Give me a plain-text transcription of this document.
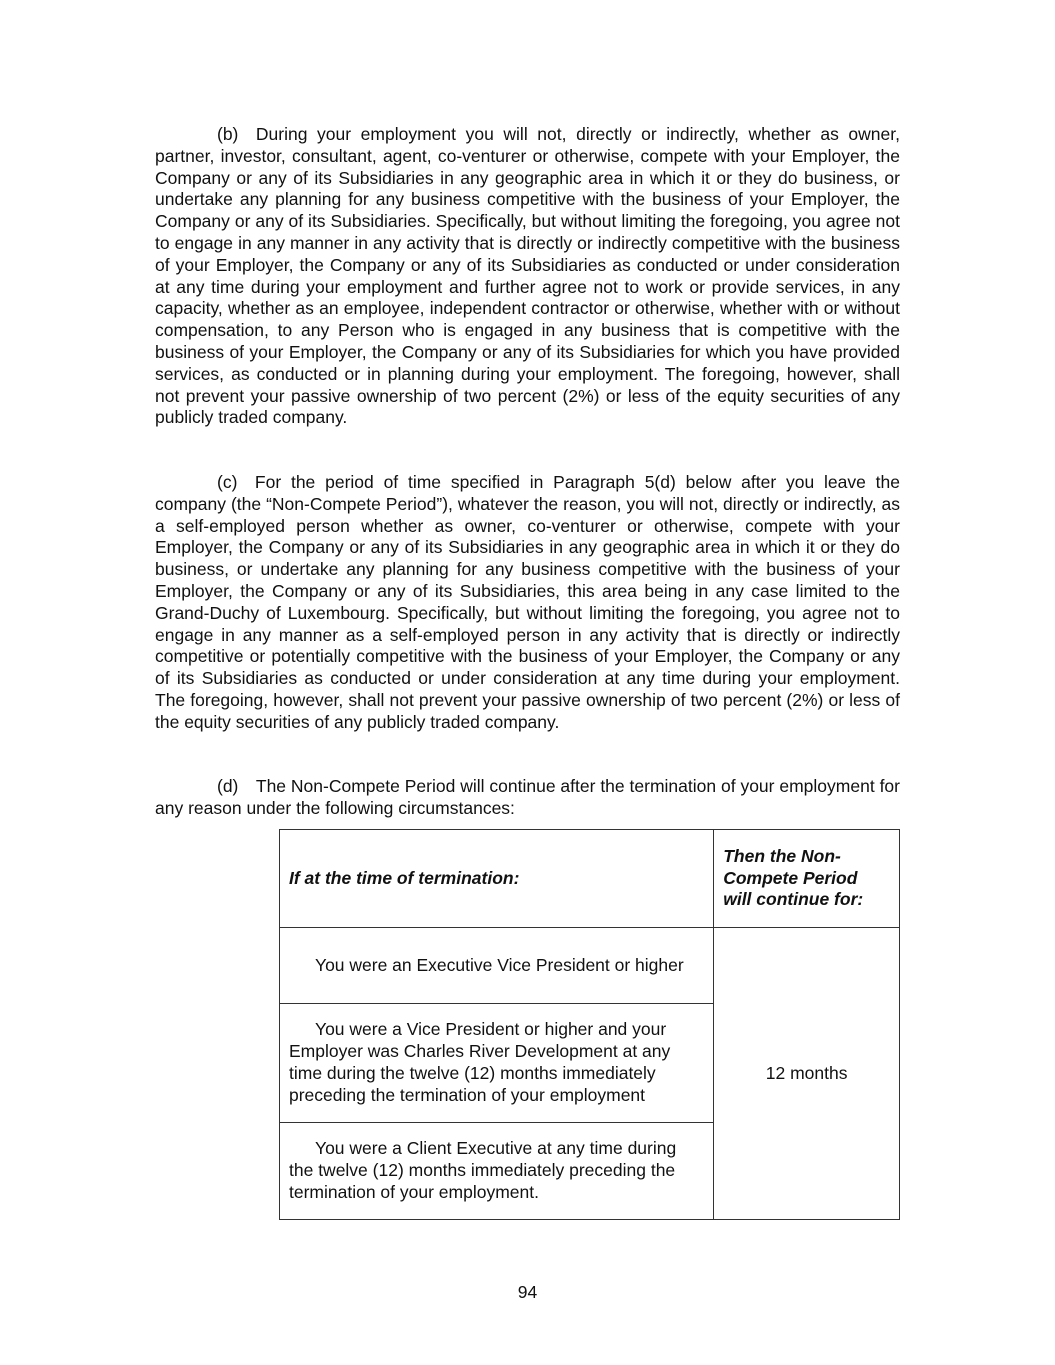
(b) During your employment you will not, directly or indirectly, whether as owner, partner, investor, consultant, agent, co-venturer or otherwise, compete with your Employer, the Company or any of its Subsidiaries in any geographic area in which it or they do business, or undertake any planning for any business competitive with the business of your Employer, the Company or any of its Subsidiaries. Specifically, but without limiting the foregoing, you agree not to engage in any manner in any activity that is directly or indirectly competitive with the business of your Employer, the Company or any of its Subsidiaries as conducted or under consideration at any time during your employment and further agree not to work or provide services, in any capacity, whether as an employee, independent contractor or otherwise, whether with or without compensation, to any Person who is engaged in any business that is competitive with the business of your Employer, the Company or any of its Subsidiaries for which you have provided services, as conducted or in planning during your employment. The foregoing, however, shall not prevent your passive ownership of two percent (2%) or less of the equity securities of any publicly traded company.

(c) For the period of time specified in Paragraph 5(d) below after you leave the company (the “Non-Compete Period”), whatever the reason, you will not, directly or indirectly, as a self-employed person whether as owner, co-venturer or otherwise, compete with your Employer, the Company or any of its Subsidiaries in any geographic area in which it or they do business, or undertake any planning for any business competitive with the business of your Employer, the Company or any of its Subsidiaries, this area being in any case limited to the Grand-Duchy of Luxembourg. Specifically, but without limiting the foregoing, you agree not to engage in any manner as a self-employed person in any activity that is directly or indirectly competitive or potentially competitive with the business of your Employer, the Company or any of its Subsidiaries as conducted or under consideration at any time during your employment. The foregoing, however, shall not prevent your passive ownership of two percent (2%) or less of the equity securities of any publicly traded company.

(d) The Non-Compete Period will continue after the termination of your employment for any reason under the following circumstances:

If at the time of termination:	Then the Non-Compete Period will continue for:
You were an Executive Vice President or higher	12 months
You were a Vice President or higher and your Employer was Charles River Development at any time during the twelve (12) months immediately preceding the termination of your employment	
You were a Client Executive at any time during the twelve (12) months immediately preceding the termination of your employment.	
94
